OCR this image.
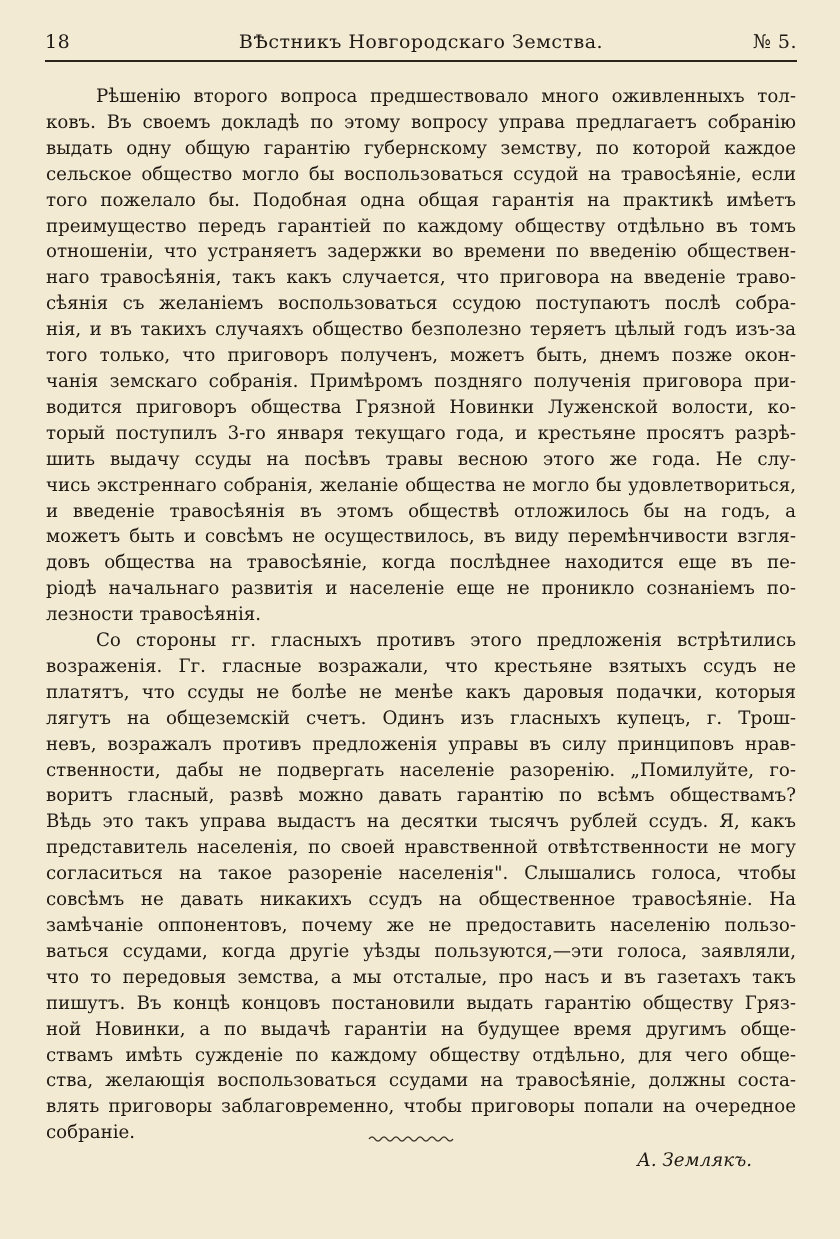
18	ВѢстникъ Новгородскаго Земства.	№ 5.

Рѣшенію второго вопроса предшествовало много оживленныхъ тол-
ковъ. Въ своемъ докладѣ по этому вопросу управа предлагаетъ собранію
выдать одну общую гарантію губернскому земству, по которой каждое
сельское общество могло бы воспользоваться ссудой на травосѣяніе, если
того пожелало бы. Подобная одна общая гарантія на практикѣ имѣетъ
преимущество передъ гарантіей по каждому обществу отдѣльно въ томъ
отношеніи, что устраняетъ задержки во времени по введенію обществен-
наго травосѣянія, такъ какъ случается, что приговора на введеніе траво-
сѣянія съ желаніемъ воспользоваться ссудою поступаютъ послѣ собра-
нія, и въ такихъ случаяхъ общество безполезно теряетъ цѣлый годъ изъ-за
того только, что приговоръ полученъ, можетъ быть, днемъ позже окон-
чанія земскаго собранія. Примѣромъ позднягo полученія приговора при-
водится приговоръ общества Грязной Новинки Луженской волости, ко-
торый поступилъ 3-го января текущаго года, и крестьяне просятъ разрѣ-
шить выдачу ссуды на посѣвъ травы весною этого же года. Не слу-
чись экстреннаго собранія, желаніе общества не могло бы удовлетвориться,
и введеніе травосѣянія въ этомъ обществѣ отложилось бы на годъ, а
можетъ быть и совсѣмъ не осуществилось, въ виду перемѣнчивости взгля-
довъ общества на травосѣяніе, когда послѣднее находится еще въ пе-
ріодѣ начальнаго развитія и населеніе еще не проникло сознаніемъ по-
лезности травосѣянія.

Со стороны гг. гласныхъ противъ этого предложенія встрѣтились
возраженія. Гг. гласные возражали, что крестьяне взятыхъ ссудъ не
платятъ, что ссуды не болѣе не менѣе какъ даровыя подачки, которыя
лягутъ на общеземскій счетъ. Одинъ изъ гласныхъ купецъ, г. Трош-
невъ, возражалъ противъ предложенія управы въ силу принциповъ нрав-
ственности, дабы не подвергать населеніе разоренію. „Помилуйте, го-
воритъ гласный, развѣ можно давать гарантію по всѣмъ обществамъ?
Вѣдь это такъ управа выдастъ на десятки тысячъ рублей ссудъ. Я, какъ
представитель населенія, по своей нравственной отвѣтственности не могу
согласиться на такое разореніе населенія". Слышались голоса, чтобы
совсѣмъ не давать никакихъ ссудъ на общественное травосѣяніе. На
замѣчаніе оппонентовъ, почему же не предоставить населенію пользо-
ваться ссудами, когда другіе уѣзды пользуются,—эти голоса, заявляли,
что то передовыя земства, а мы отсталые, про насъ и въ газетахъ такъ
пишутъ. Въ концѣ концовъ постановили выдать гарантію обществу Гряз-
ной Новинки, а по выдачѣ гарантіи на будущее время другимъ обще-
ствамъ имѣть сужденіе по каждому обществу отдѣльно, для чего обще-
ства, желающія воспользоваться ссудами на травосѣяніе, должны соста-
влять приговоры заблаговременно, чтобы приговоры попали на очередное
собраніе.

А. Землякъ.
